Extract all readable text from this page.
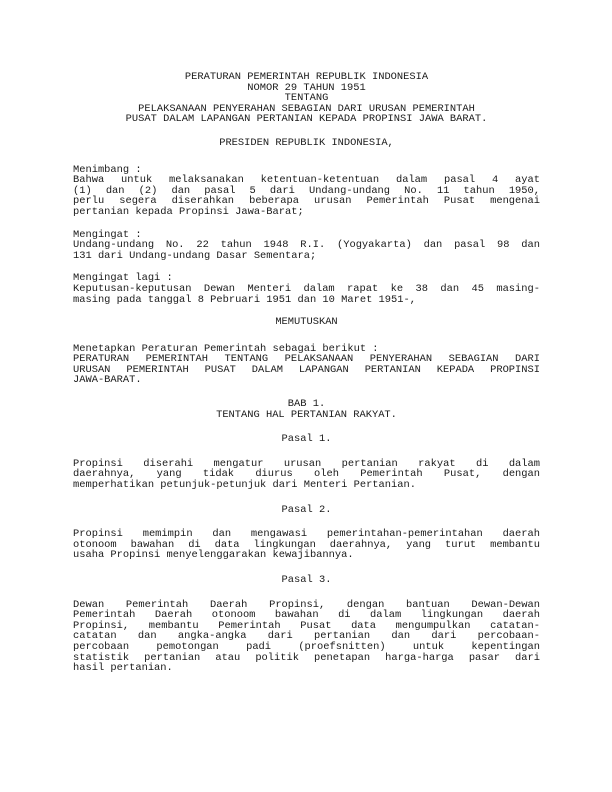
PERATURAN PEMERINTAH REPUBLIK INDONESIA
NOMOR 29 TAHUN 1951
TENTANG
PELAKSANAAN PENYERAHAN SEBAGIAN DARI URUSAN PEMERINTAH
PUSAT DALAM LAPANGAN PERTANIAN KEPADA PROPINSI JAWA BARAT.
PRESIDEN REPUBLIK INDONESIA,
Menimbang :
Bahwa untuk melaksanakan ketentuan-ketentuan dalam pasal 4 ayat
(1) dan (2) dan pasal 5 dari Undang-undang No. 11 tahun 1950,
perlu segera diserahkan beberapa urusan Pemerintah Pusat mengenai
pertanian kepada Propinsi Jawa-Barat;
Mengingat :
Undang-undang No. 22 tahun 1948 R.I. (Yogyakarta) dan pasal 98 dan
131 dari Undang-undang Dasar Sementara;
Mengingat lagi :
Keputusan-keputusan Dewan Menteri dalam rapat ke 38 dan 45 masing-
masing pada tanggal 8 Pebruari 1951 dan 10 Maret 1951-,
MEMUTUSKAN
Menetapkan Peraturan Pemerintah sebagai berikut :
PERATURAN PEMERINTAH TENTANG PELAKSANAAN PENYERAHAN SEBAGIAN DARI
URUSAN PEMERINTAH PUSAT DALAM LAPANGAN PERTANIAN KEPADA PROPINSI
JAWA-BARAT.
BAB 1.
TENTANG HAL PERTANIAN RAKYAT.
Pasal 1.
Propinsi diserahi mengatur urusan pertanian rakyat di dalam
daerahnya, yang tidak diurus oleh Pemerintah Pusat, dengan
memperhatikan petunjuk-petunjuk dari Menteri Pertanian.
Pasal 2.
Propinsi memimpin dan mengawasi pemerintahan-pemerintahan daerah
otonoom bawahan di data lingkungan daerahnya, yang turut membantu
usaha Propinsi menyelenggarakan kewajibannya.
Pasal 3.
Dewan Pemerintah Daerah Propinsi, dengan bantuan Dewan-Dewan
Pemerintah Daerah otonoom bawahan di dalam lingkungan daerah
Propinsi, membantu Pemerintah Pusat data mengumpulkan catatan-
catatan dan angka-angka dari pertanian dan dari percobaan-
percobaan pemotongan padi (proefsnitten) untuk kepentingan
statistik pertanian atau politik penetapan harga-harga pasar dari
hasil pertanian.
